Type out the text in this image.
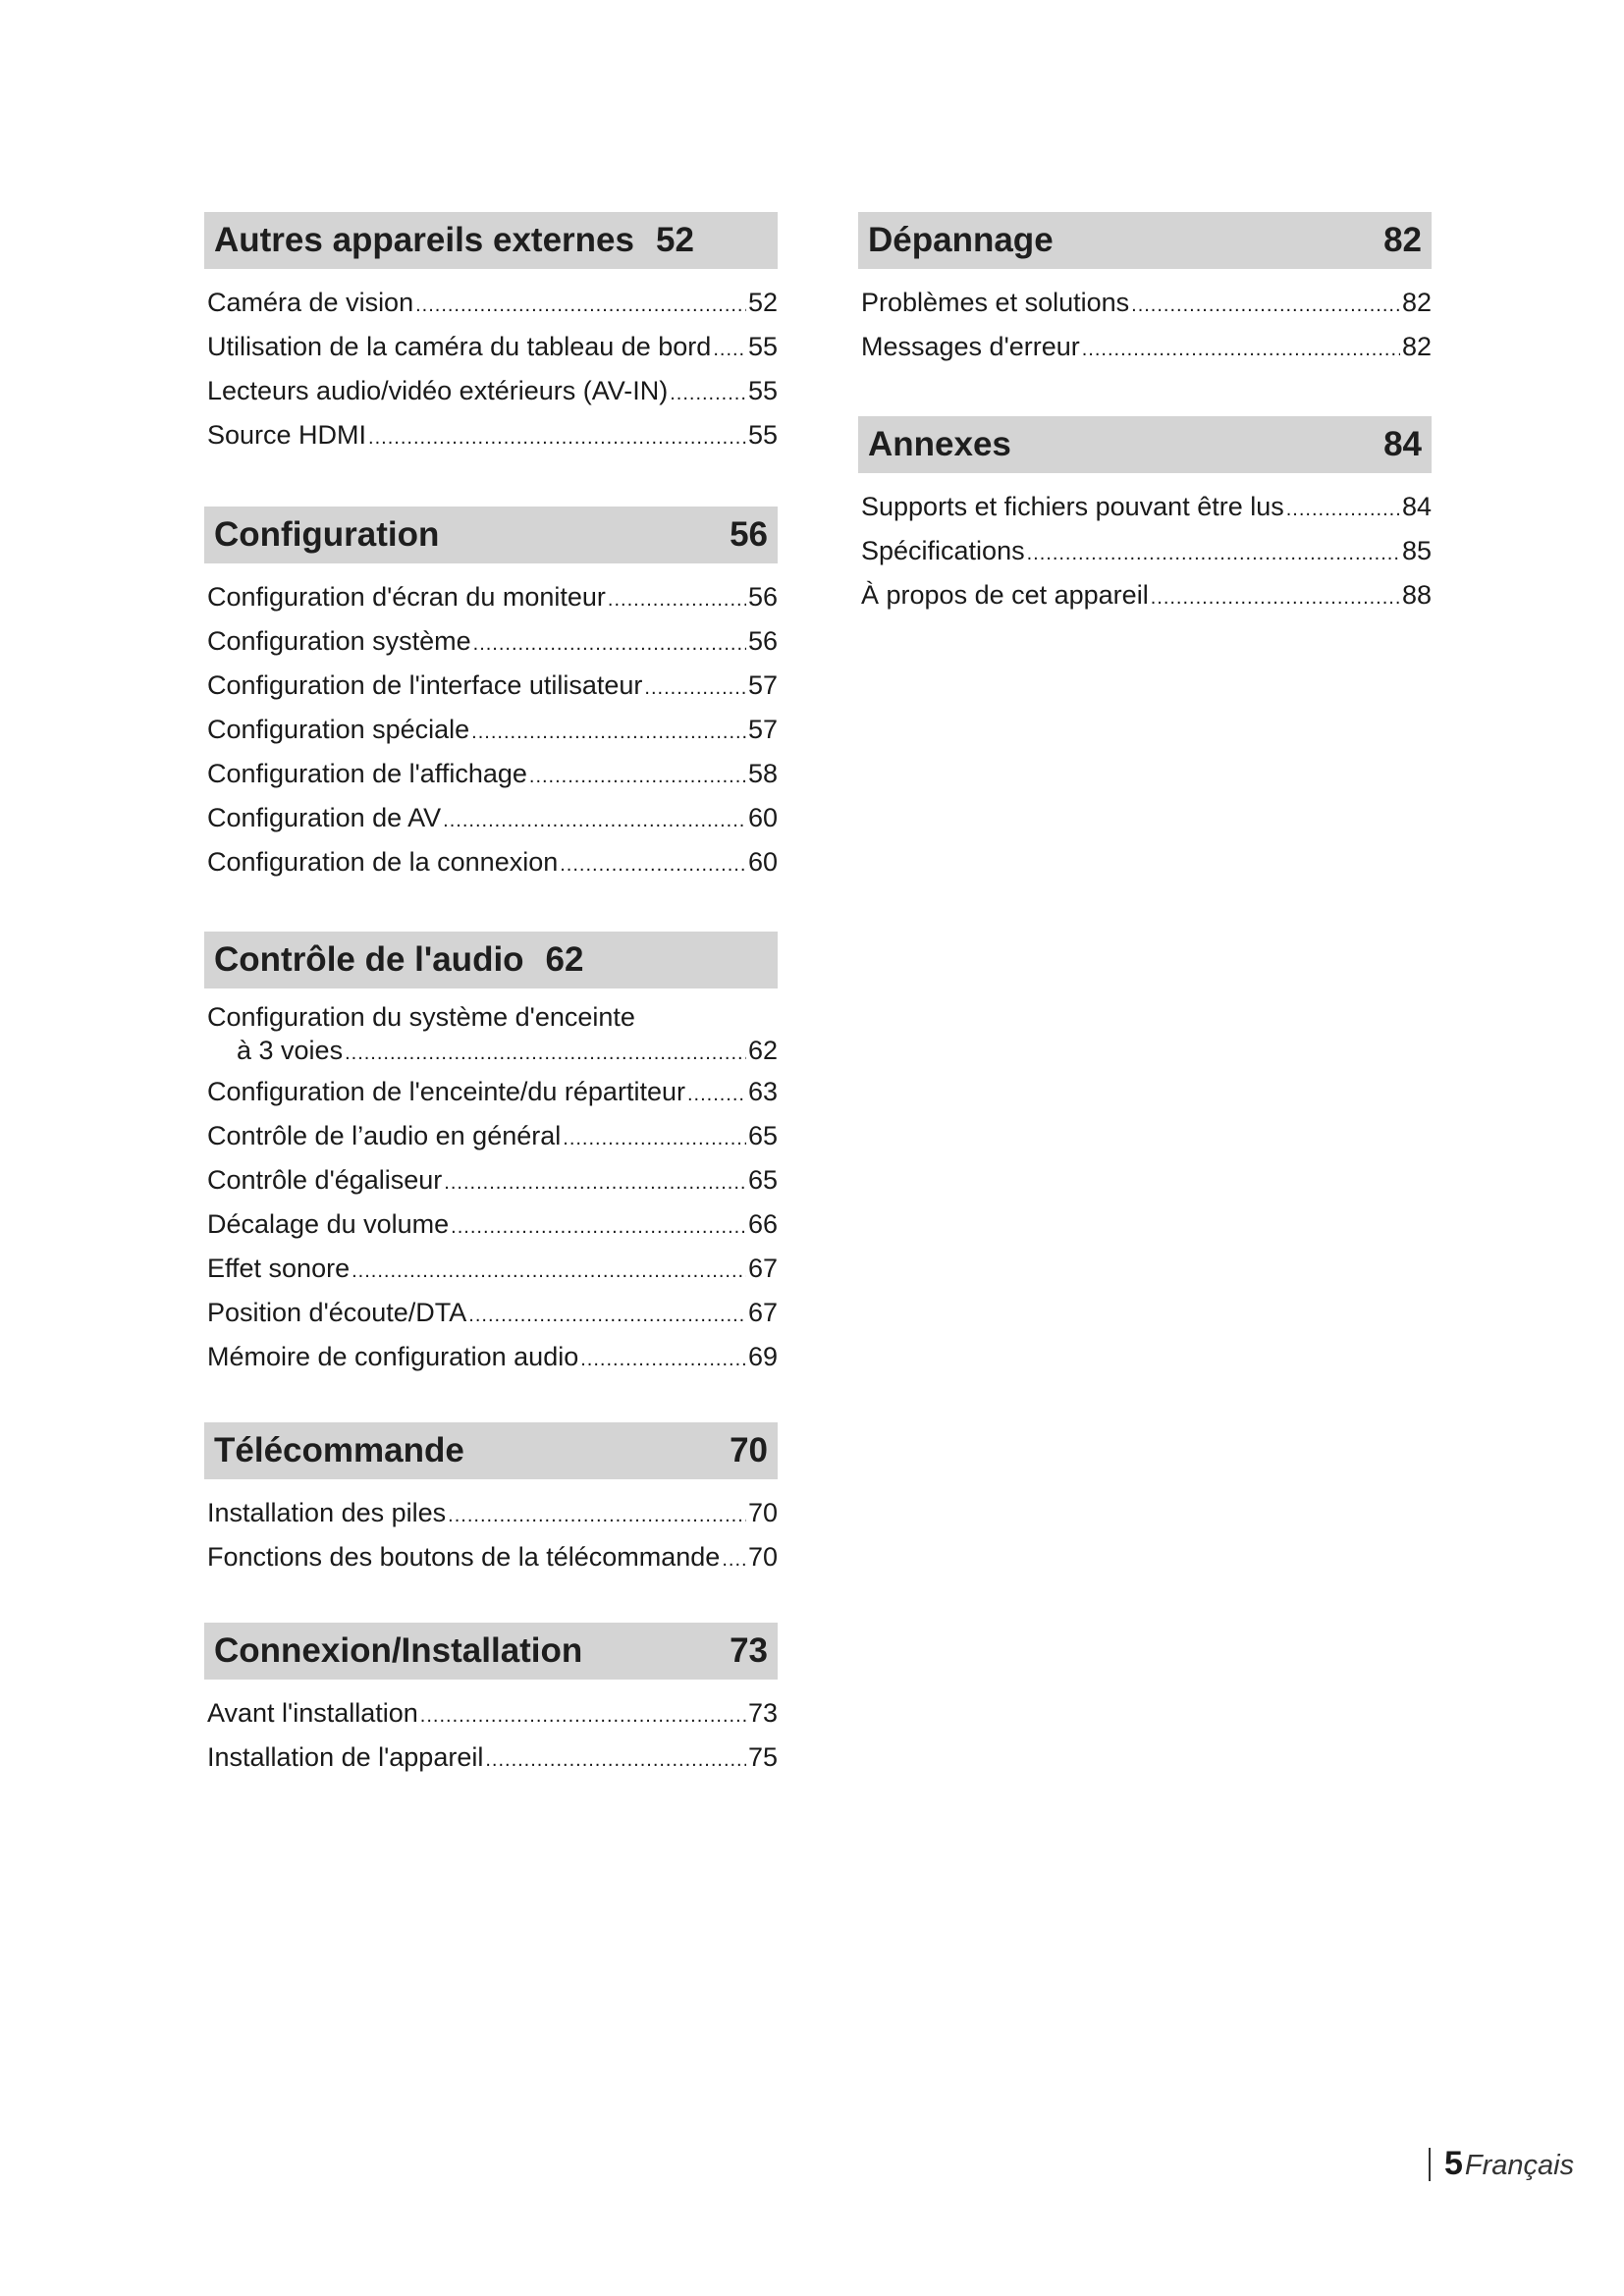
Autres appareils externes 52
Caméra de vision .....	52
Utilisation de la caméra du tableau de bord ..... 55
Lecteurs audio/vidéo extérieurs (AV-IN) .....	55
Source HDMI .....	55
Configuration	56
Configuration d'écran du moniteur .....	56
Configuration système .....	56
Configuration de l'interface utilisateur .....	57
Configuration spéciale .....	57
Configuration de l'affichage .....	58
Configuration de AV .....	60
Configuration de la connexion .....	60
Contrôle de l'audio 62
Configuration du système d'enceinte
à 3 voies .....	62
Configuration de l'enceinte/du répartiteur ..... 63
Contrôle de l’audio en général .....	65
Contrôle d'égaliseur .....	65
Décalage du volume .....	66
Effet sonore .....	67
Position d'écoute/DTA .....	67
Mémoire de configuration audio .....	69
Télécommande	70
Installation des piles .....	70
Fonctions des boutons de la télécommande ..... 70
Connexion/Installation	73
Avant l'installation .....	73
Installation de l'appareil .....	75
Dépannage	82
Problèmes et solutions .....	82
Messages d'erreur .....	82
Annexes	84
Supports et fichiers pouvant être lus .....	84
Spécifications .....	85
À propos de cet appareil .....	88
5 Français
